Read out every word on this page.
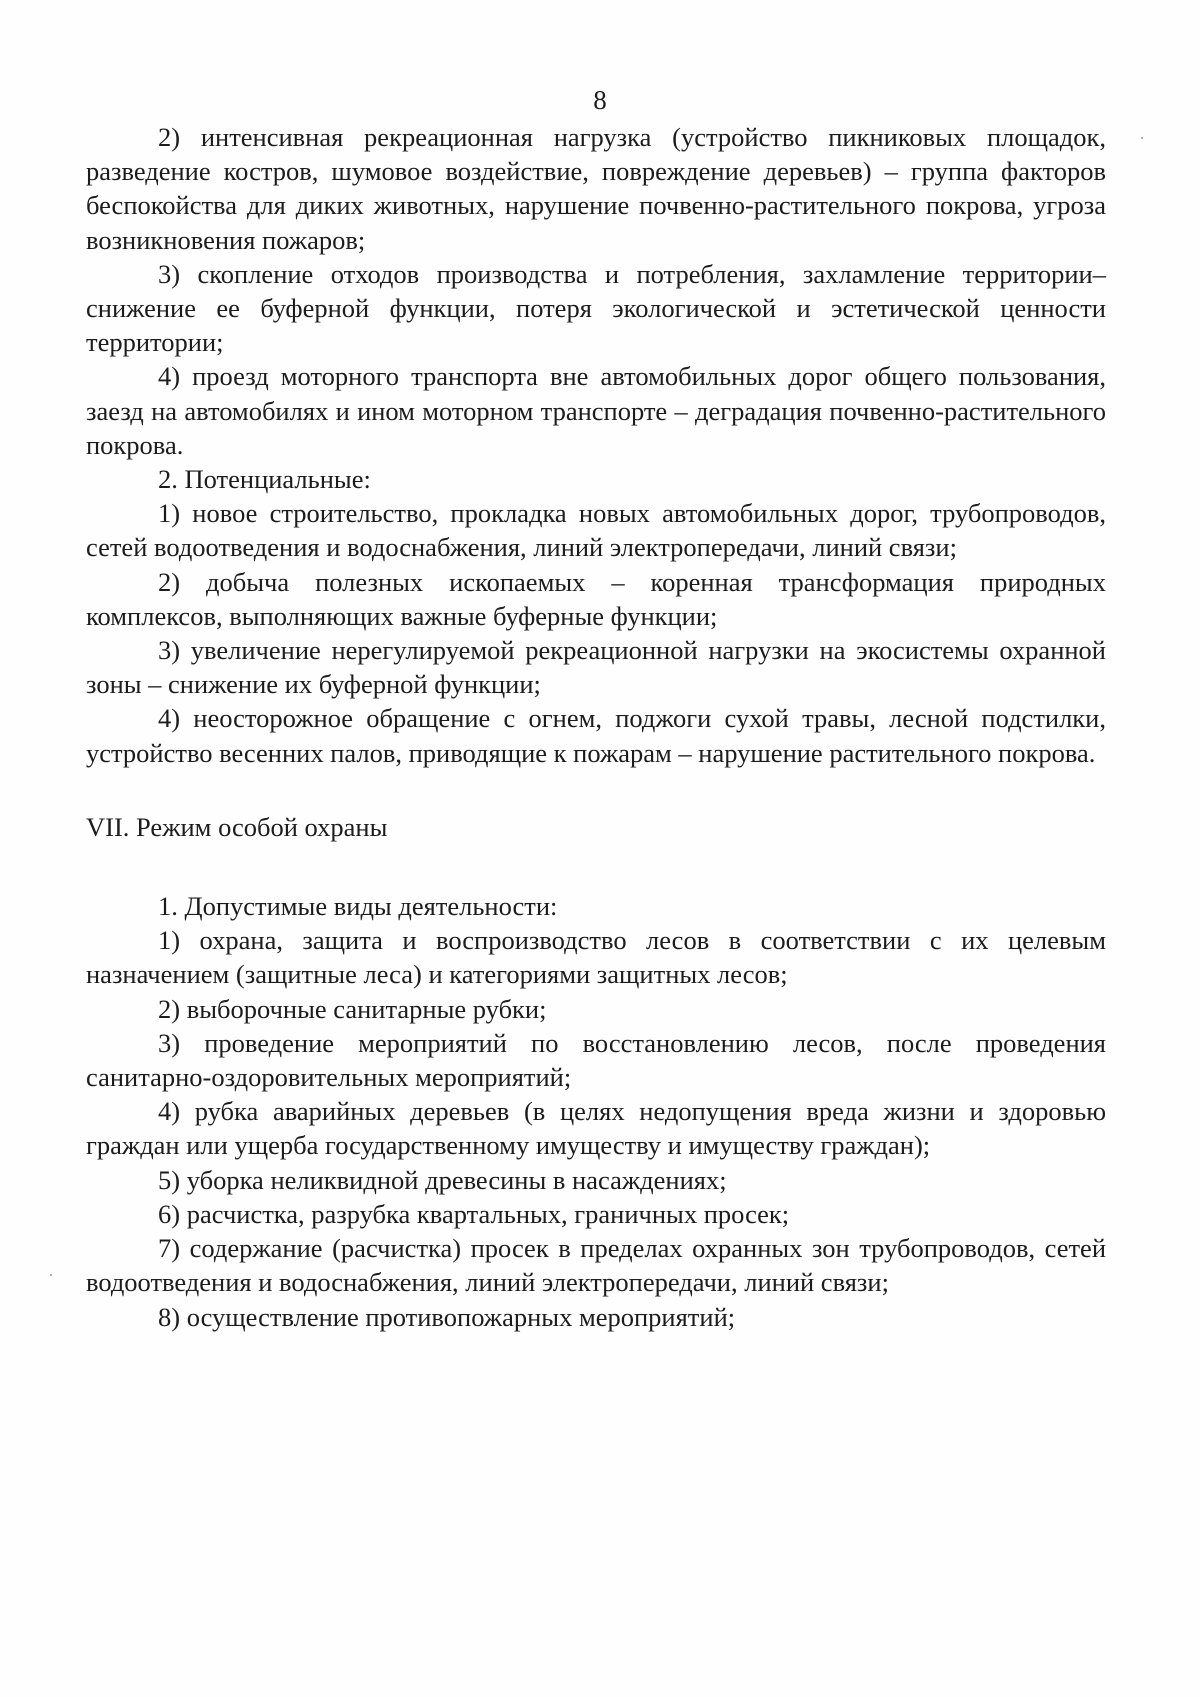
8

2) интенсивная рекреационная нагрузка (устройство пикниковых площадок, разведение костров, шумовое воздействие, повреждение деревьев) – группа факторов беспокойства для диких животных, нарушение почвенно-растительного покрова, угроза возникновения пожаров;

3) скопление отходов производства и потребления, захламление территории– снижение ее буферной функции, потеря экологической и эстетической ценности территории;

4) проезд моторного транспорта вне автомобильных дорог общего пользования, заезд на автомобилях и ином моторном транспорте – деградация почвенно-растительного покрова.

2. Потенциальные:

1) новое строительство, прокладка новых автомобильных дорог, трубопроводов, сетей водоотведения и водоснабжения, линий электропередачи, линий связи;

2) добыча полезных ископаемых – коренная трансформация природных комплексов, выполняющих важные буферные функции;

3) увеличение нерегулируемой рекреационной нагрузки на экосистемы охранной зоны – снижение их буферной функции;

4) неосторожное обращение с огнем, поджоги сухой травы, лесной подстилки, устройство весенних палов, приводящие к пожарам – нарушение растительного покрова.

VII. Режим особой охраны

1. Допустимые виды деятельности:

1) охрана, защита и воспроизводство лесов в соответствии с их целевым назначением (защитные леса) и категориями защитных лесов;

2) выборочные санитарные рубки;

3) проведение мероприятий по восстановлению лесов, после проведения санитарно-оздоровительных мероприятий;

4) рубка аварийных деревьев (в целях недопущения вреда жизни и здоровью граждан или ущерба государственному имуществу и имуществу граждан);

5) уборка неликвидной древесины в насаждениях;

6) расчистка, разрубка квартальных, граничных просек;

7) содержание (расчистка) просек в пределах охранных зон трубопроводов, сетей водоотведения и водоснабжения, линий электропередачи, линий связи;

8) осуществление противопожарных мероприятий;
